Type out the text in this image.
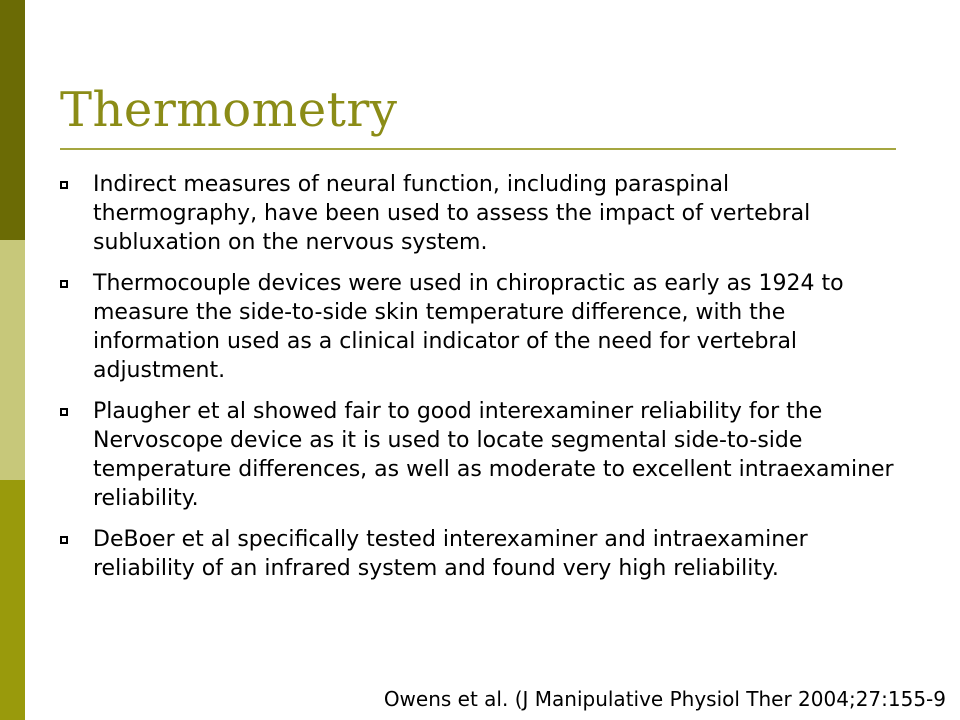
Thermometry
Indirect measures of neural function, including paraspinal thermography, have been used to assess the impact of vertebral subluxation on the nervous system.
Thermocouple devices were used in chiropractic as early as 1924 to measure the side-to-side skin temperature difference, with the information used as a clinical indicator of the need for vertebral adjustment.
Plaugher et al showed fair to good interexaminer reliability for the Nervoscope device as it is used to locate segmental side-to-side temperature differences, as well as moderate to excellent intraexaminer reliability.
DeBoer et al specifically tested interexaminer and intraexaminer reliability of an infrared system and found very high reliability.
Owens et al. (J Manipulative Physiol Ther 2004;27:155-9
